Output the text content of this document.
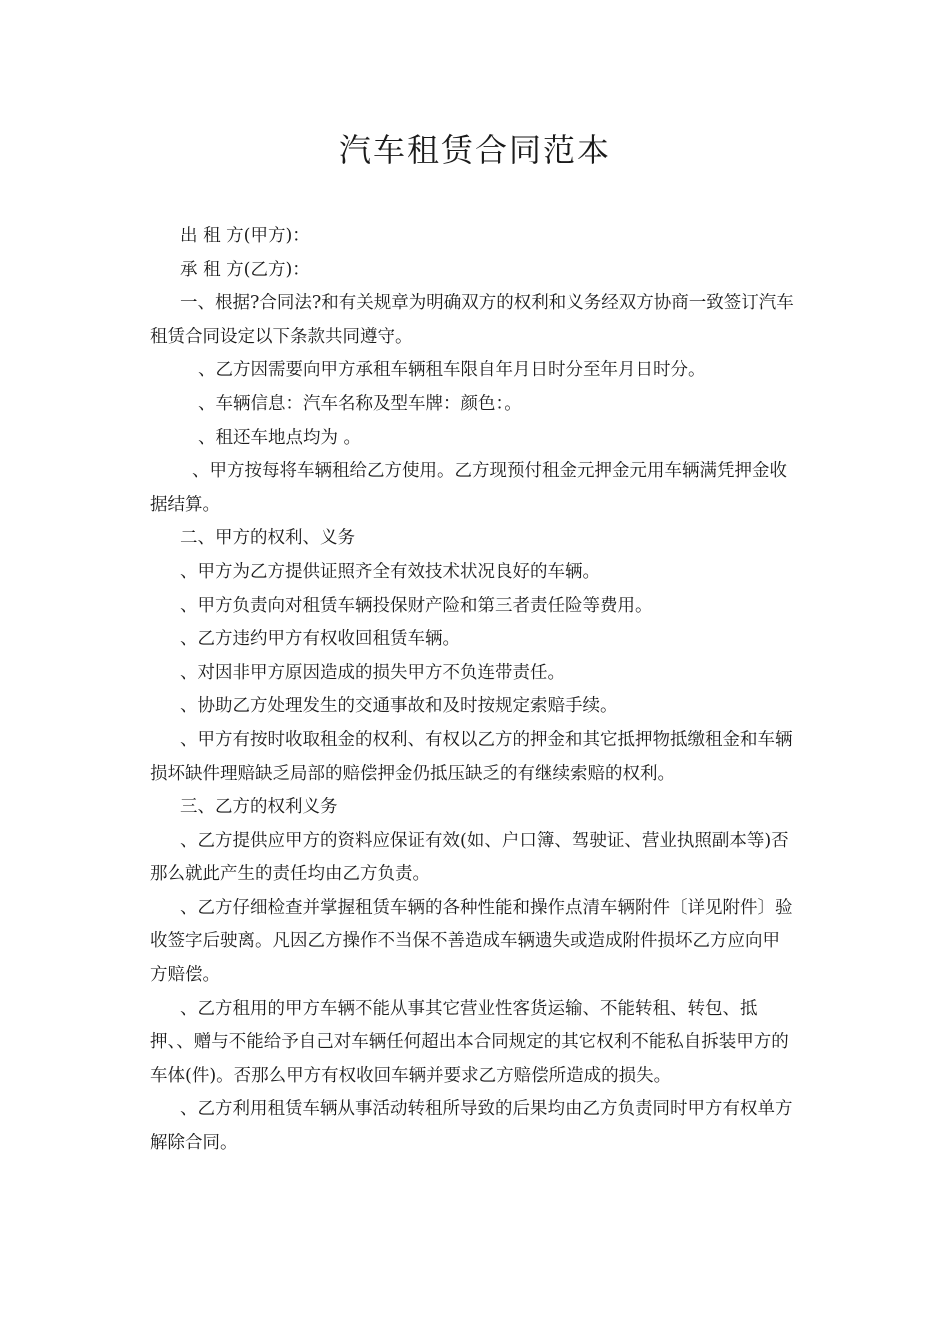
汽车租赁合同范本

出 租 方(甲方)：

承 租 方(乙方)：

一、根据?合同法?和有关规章为明确双方的权利和义务经双方协商一致签订汽车租赁合同设定以下条款共同遵守。

、乙方因需要向甲方承租车辆租车限自年月日时分至年月日时分。

、车辆信息：汽车名称及型车牌：颜色：。

、租还车地点均为 。

、甲方按每将车辆租给乙方使用。乙方现预付租金元押金元用车辆满凭押金收据结算。

二、甲方的权利、义务

、甲方为乙方提供证照齐全有效技术状况良好的车辆。

、甲方负责向对租赁车辆投保财产险和第三者责任险等费用。

、乙方违约甲方有权收回租赁车辆。

、对因非甲方原因造成的损失甲方不负连带责任。

、协助乙方处理发生的交通事故和及时按规定索赔手续。

、甲方有按时收取租金的权利、有权以乙方的押金和其它抵押物抵缴租金和车辆损坏缺件理赔缺乏局部的赔偿押金仍抵压缺乏的有继续索赔的权利。

三、乙方的权利义务

、乙方提供应甲方的资料应保证有效(如、户口簿、驾驶证、营业执照副本等)否那么就此产生的责任均由乙方负责。

、乙方仔细检查并掌握租赁车辆的各种性能和操作点清车辆附件〔详见附件〕验收签字后驶离。凡因乙方操作不当保不善造成车辆遗失或造成附件损坏乙方应向甲方赔偿。

、乙方租用的甲方车辆不能从事其它营业性客货运输、不能转租、转包、抵押、、赠与不能给予自己对车辆任何超出本合同规定的其它权利不能私自拆装甲方的车体(件)。否那么甲方有权收回车辆并要求乙方赔偿所造成的损失。

、乙方利用租赁车辆从事活动转租所导致的后果均由乙方负责同时甲方有权单方解除合同。
